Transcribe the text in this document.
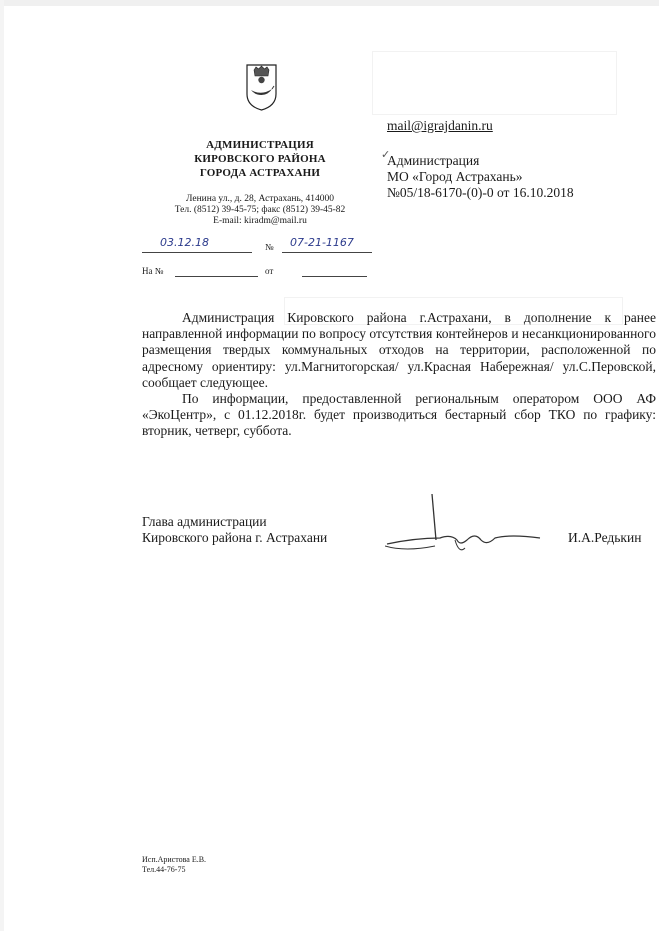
АДМИНИСТРАЦИЯ
КИРОВСКОГО РАЙОНА
ГОРОДА АСТРАХАНИ
Ленина ул., д. 28, Астрахань, 414000
Тел. (8512) 39-45-75; факс (8512) 39-45-82
E-mail: kiradm@mail.ru
03.12.18	№ 07-21-1167
На №	от
mail@igrajdanin.ru
✓
Администрация
МО «Город Астрахань»
№05/18-6170-(0)-0 от 16.10.2018

Администрация Кировского района г.Астрахани, в дополнение к ранее направленной информации по вопросу отсутствия контейнеров и несанкционированного размещения твердых коммунальных отходов на территории, расположенной по адресному ориентиру: ул.Магнитогорская/ ул.Красная Набережная/ ул.С.Перовской, сообщает следующее.

По информации, предоставленной региональным оператором ООО АФ «ЭкоЦентр», с 01.12.2018г. будет производиться бестарный сбор ТКО по графику: вторник, четверг, суббота.

Глава администрации
Кировского района г. Астрахани	И.А.Редькин
Исп.Аристова Е.В.
Тел.44-76-75
